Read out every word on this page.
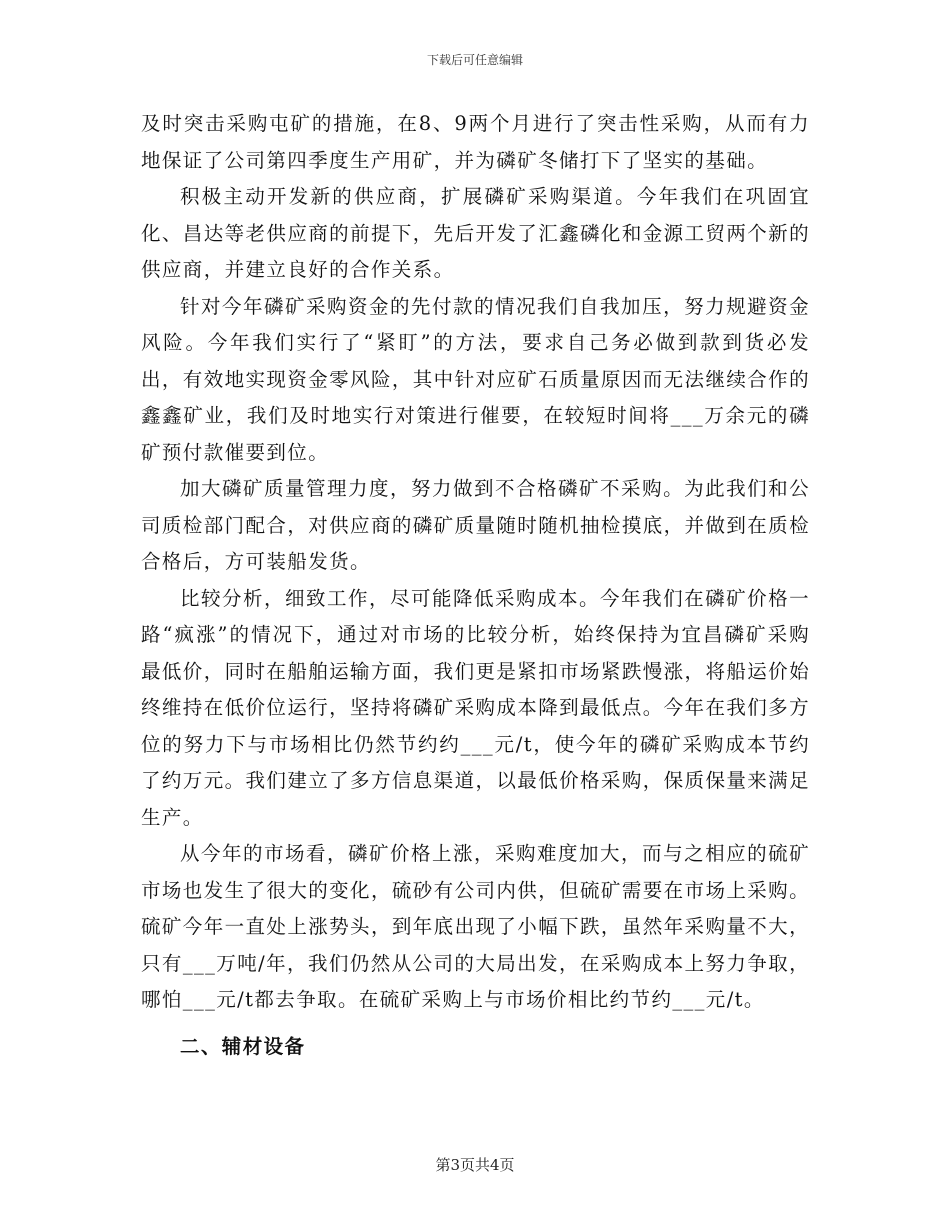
下载后可任意编辑

及时突击采购屯矿的措施，在8、9两个月进行了突击性采购，从而有力地保证了公司第四季度生产用矿，并为磷矿冬储打下了坚实的基础。

积极主动开发新的供应商，扩展磷矿采购渠道。今年我们在巩固宜化、昌达等老供应商的前提下，先后开发了汇鑫磷化和金源工贸两个新的供应商，并建立良好的合作关系。

针对今年磷矿采购资金的先付款的情况我们自我加压，努力规避资金风险。今年我们实行了“紧盯”的方法，要求自己务必做到款到货必发出，有效地实现资金零风险，其中针对应矿石质量原因而无法继续合作的鑫鑫矿业，我们及时地实行对策进行催要，在较短时间将___万余元的磷矿预付款催要到位。

加大磷矿质量管理力度，努力做到不合格磷矿不采购。为此我们和公司质检部门配合，对供应商的磷矿质量随时随机抽检摸底，并做到在质检合格后，方可装船发货。

比较分析，细致工作，尽可能降低采购成本。今年我们在磷矿价格一路“疯涨”的情况下，通过对市场的比较分析，始终保持为宜昌磷矿采购最低价，同时在船舶运输方面，我们更是紧扣市场紧跌慢涨，将船运价始终维持在低价位运行，坚持将磷矿采购成本降到最低点。今年在我们多方位的努力下与市场相比仍然节约约___元/t，使今年的磷矿采购成本节约了约万元。我们建立了多方信息渠道，以最低价格采购，保质保量来满足生产。

从今年的市场看，磷矿价格上涨，采购难度加大，而与之相应的硫矿市场也发生了很大的变化，硫砂有公司内供，但硫矿需要在市场上采购。硫矿今年一直处上涨势头，到年底出现了小幅下跌，虽然年采购量不大，只有___万吨/年，我们仍然从公司的大局出发，在采购成本上努力争取，哪怕___元/t都去争取。在硫矿采购上与市场价相比约节约___元/t。

二、辅材设备
第3页共4页
